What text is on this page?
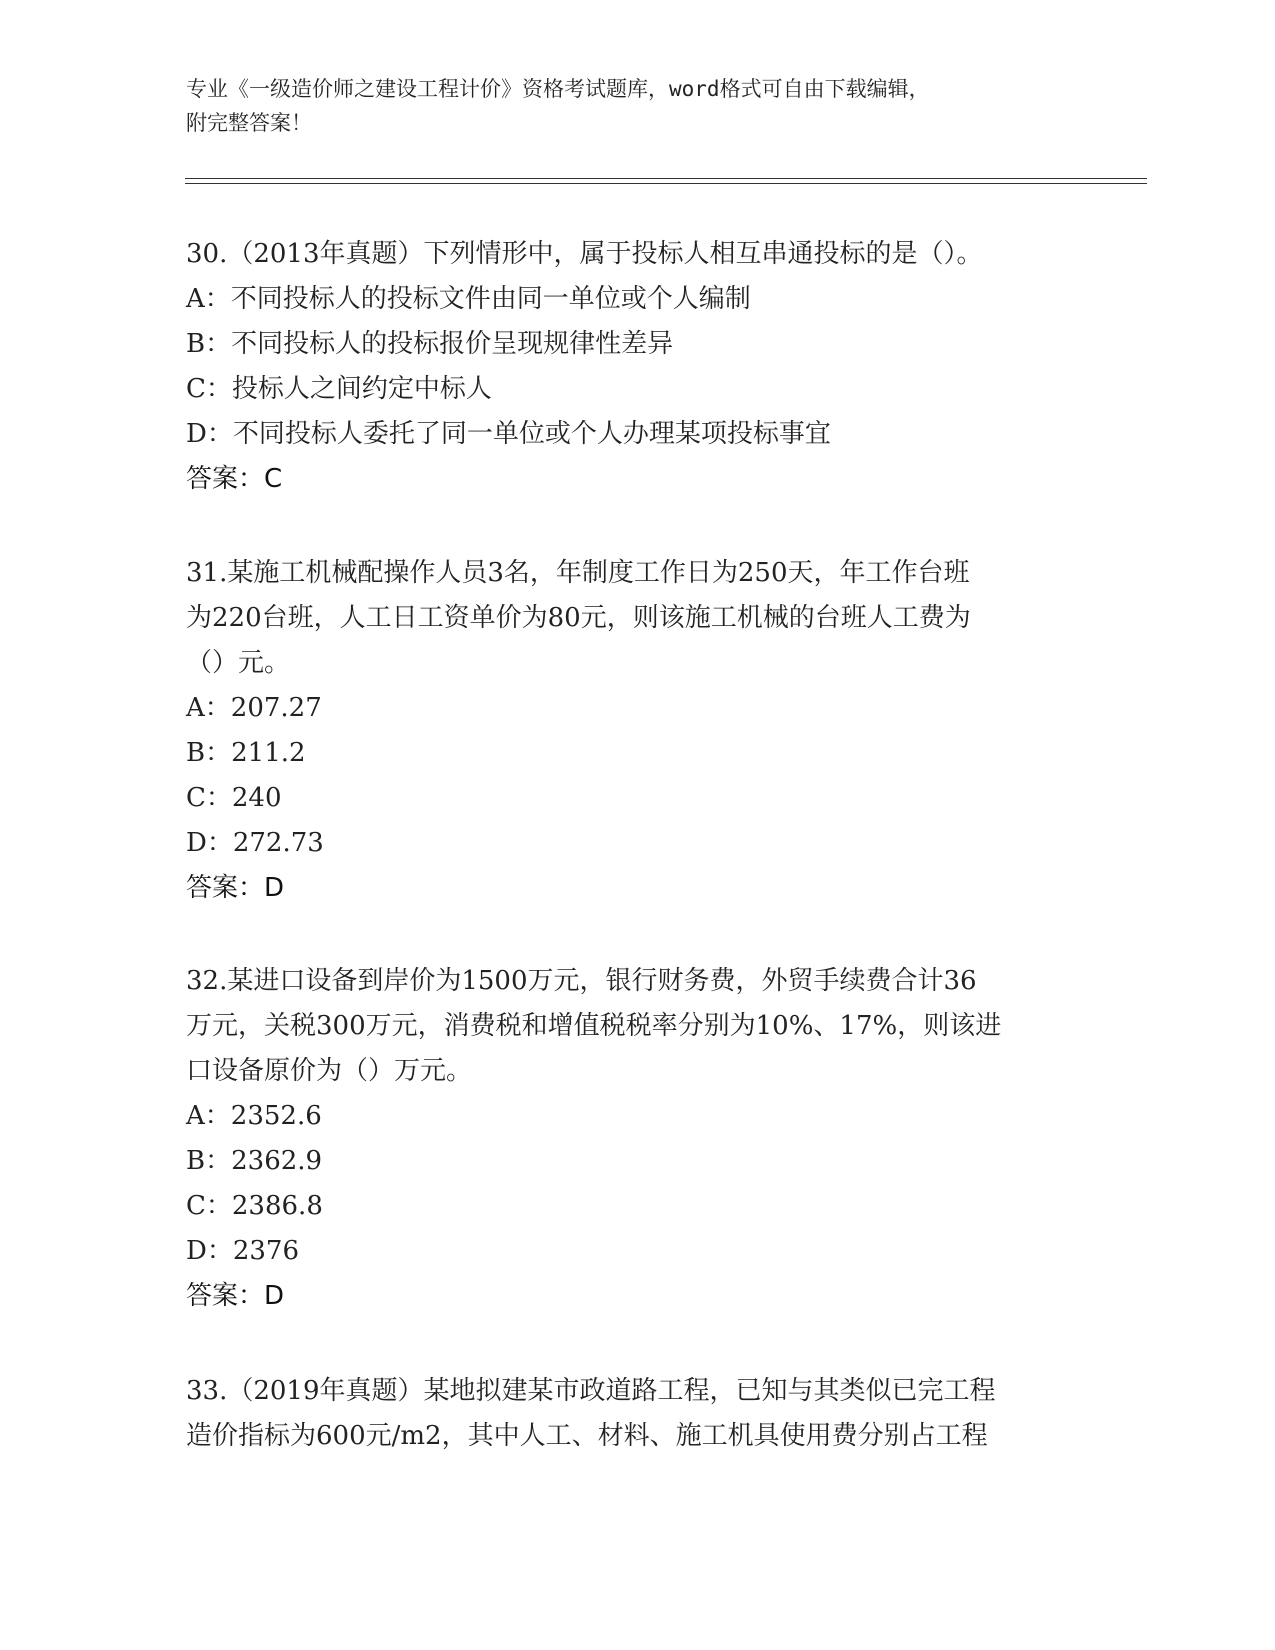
专业《一级造价师之建设工程计价》资格考试题库，word格式可自由下载编辑，
附完整答案！
30.（2013年真题）下列情形中，属于投标人相互串通投标的是（）。
A：不同投标人的投标文件由同一单位或个人编制
B：不同投标人的投标报价呈现规律性差异
C：投标人之间约定中标人
D：不同投标人委托了同一单位或个人办理某项投标事宜
答案：C
31.某施工机械配操作人员3名，年制度工作日为250天，年工作台班
为220台班，人工日工资单价为80元，则该施工机械的台班人工费为
（）元。
A：207.27
B：211.2
C：240
D：272.73
答案：D
32.某进口设备到岸价为1500万元，银行财务费，外贸手续费合计36
万元，关税300万元，消费税和增值税税率分别为10%、17%，则该进
口设备原价为（）万元。
A：2352.6
B：2362.9
C：2386.8
D：2376
答案：D
33.（2019年真题）某地拟建某市政道路工程，已知与其类似已完工程
造价指标为600元/m2，其中人工、材料、施工机具使用费分别占工程
